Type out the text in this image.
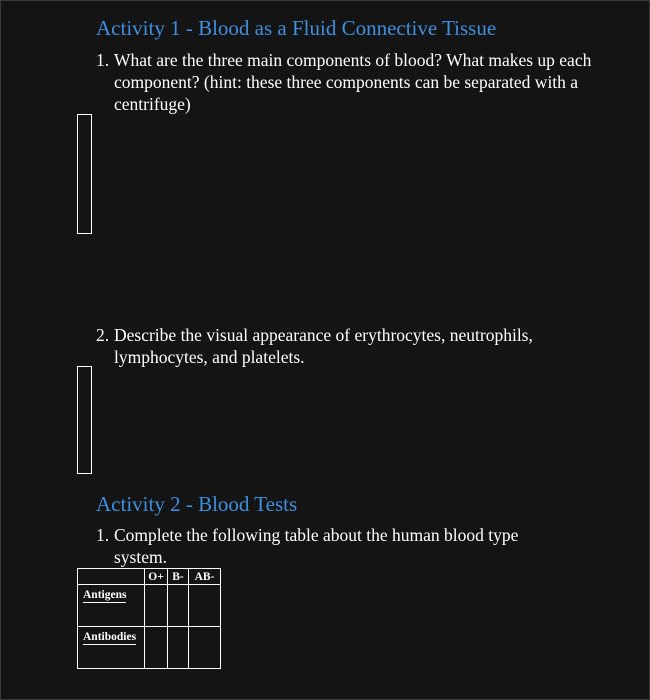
Activity 1 - Blood as a Fluid Connective Tissue
1. What are the three main components of blood? What makes up each component? (hint: these three components can be separated with a centrifuge)
2. Describe the visual appearance of erythrocytes, neutrophils, lymphocytes, and platelets.
Activity 2 - Blood Tests
1. Complete the following table about the human blood type system.
	O+	B-	AB-
Antigens			
Antibodies			
